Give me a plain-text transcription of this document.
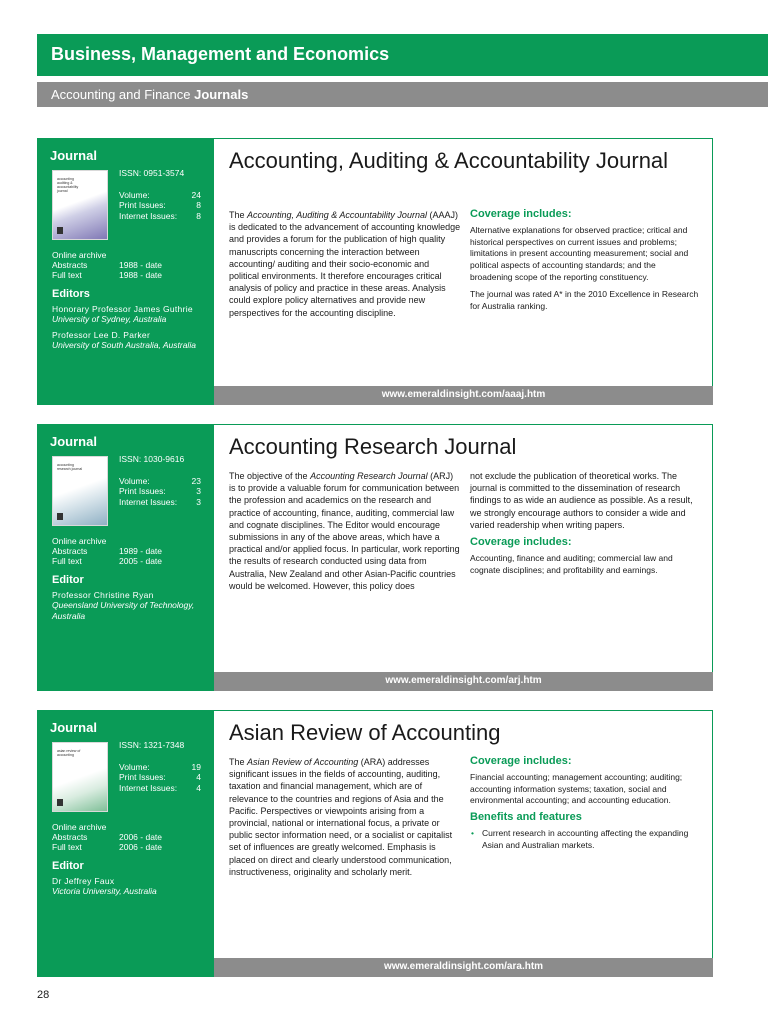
Business, Management and Economics
Accounting and Finance Journals
Journal
accounting auditing & accountability journal
ISSN: 0951-3574
Volume:	24
Print Issues:	8
Internet Issues: 8
Online archive
Abstracts	1988 - date
Full text	1988 - date
Editors
Honorary Professor James Guthrie
University of Sydney, Australia
Professor Lee D. Parker
University of South Australia, Australia
Accounting, Auditing & Accountability Journal
The Accounting, Auditing & Accountability Journal (AAAJ) is dedicated to the advancement of accounting knowledge and provides a forum for the publication of high quality manuscripts concerning the interaction between accounting/ auditing and their socio-economic and political environments. It therefore encourages critical analysis of policy and practice in these areas. Analysis could explore policy alternatives and provide new perspectives for the accounting discipline.
Coverage includes:

Alternative explanations for observed practice; critical and historical perspectives on current issues and problems; limitations in present accounting measurement; social and political aspects of accounting standards; and the broadening scope of the reporting constituency.

The journal was rated A* in the 2010 Excellence in Research for Australia ranking.

www.emeraldinsight.com/aaaj.htm
Journal
accounting research journal
ISSN: 1030-9616
Volume:	23
Print Issues:	3
Internet Issues: 3
Online archive
Abstracts	1989 - date
Full text	2005 - date
Editor
Professor Christine Ryan
Queensland University of Technology, Australia
Accounting Research Journal
The objective of the Accounting Research Journal (ARJ) is to provide a valuable forum for communication between the profession and academics on the research and practice of accounting, finance, auditing, commercial law and cognate disciplines. The Editor would encourage submissions in any of the above areas, which have a practical and/or applied focus. In particular, work reporting the results of research conducted using data from Australia, New Zealand and other Asian-Pacific countries would be welcomed. However, this policy does

not exclude the publication of theoretical works. The journal is committed to the dissemination of research findings to as wide an audience as possible. As a result, we strongly encourage authors to consider a wide and varied readership when writing papers.

Coverage includes:

Accounting, finance and auditing; commercial law and cognate disciplines; and profitability and earnings.

www.emeraldinsight.com/arj.htm
Journal
asian review of accounting
ISSN: 1321-7348
Volume:	19
Print Issues:	4
Internet Issues: 4
Online archive
Abstracts	2006 - date
Full text	2006 - date
Editor
Dr Jeffrey Faux
Victoria University, Australia
Asian Review of Accounting
The Asian Review of Accounting (ARA) addresses significant issues in the fields of accounting, auditing, taxation and financial management, which are of relevance to the countries and regions of Asia and the Pacific. Perspectives or viewpoints arising from a provincial, national or international focus, a private or public sector information need, or a socialist or capitalist set of influences are greatly welcomed. Emphasis is placed on direct and clearly understood communication, instructiveness, originality and scholarly merit.
Coverage includes:

Financial accounting; management accounting; auditing; accounting information systems; taxation, social and environmental accounting; and accounting education.

Benefits and features
• Current research in accounting affecting the expanding Asian and Australian markets.
www.emeraldinsight.com/ara.htm
28
